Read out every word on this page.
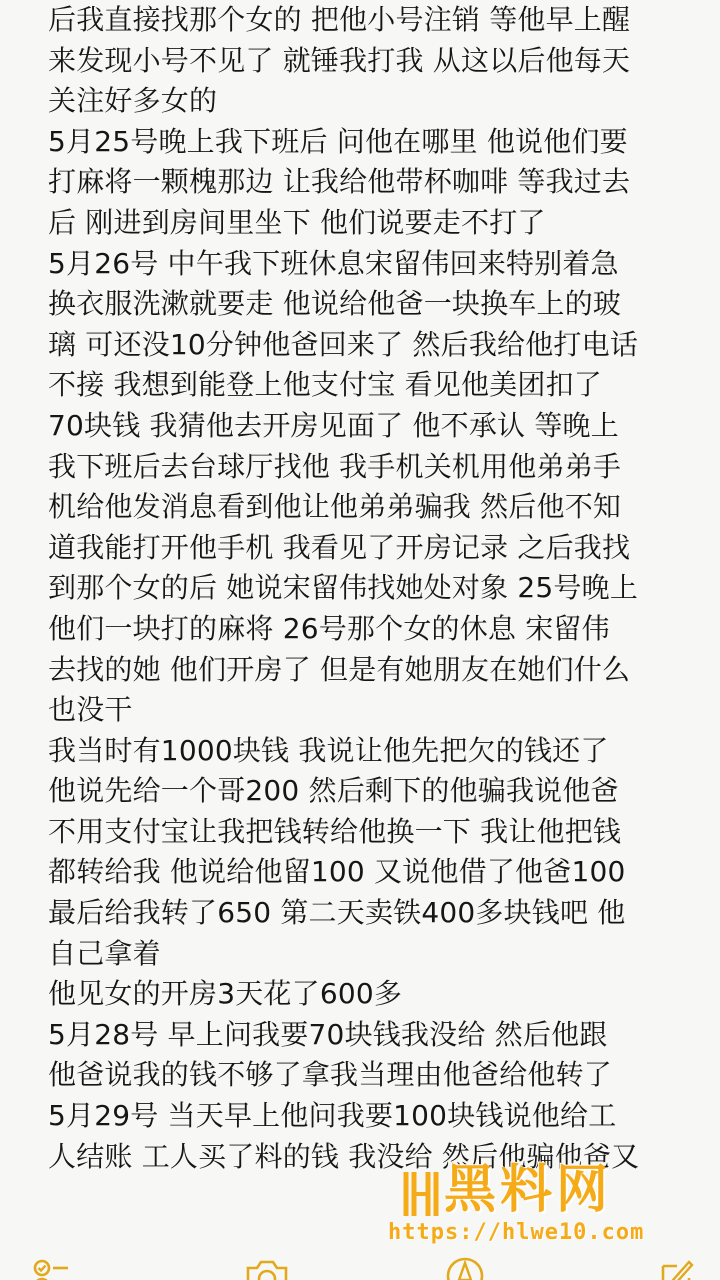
后我直接找那个女的 把他小号注销 等他早上醒
来发现小号不见了 就锤我打我 从这以后他每天
关注好多女的
5月25号晚上我下班后 问他在哪里 他说他们要
打麻将一颗槐那边 让我给他带杯咖啡 等我过去
后 刚进到房间里坐下 他们说要走不打了
5月26号 中午我下班休息宋留伟回来特别着急
换衣服洗漱就要走 他说给他爸一块换车上的玻
璃 可还没10分钟他爸回来了 然后我给他打电话
不接 我想到能登上他支付宝 看见他美团扣了
70块钱 我猜他去开房见面了 他不承认 等晚上
我下班后去台球厅找他 我手机关机用他弟弟手
机给他发消息看到他让他弟弟骗我 然后他不知
道我能打开他手机 我看见了开房记录 之后我找
到那个女的后 她说宋留伟找她处对象 25号晚上
他们一块打的麻将 26号那个女的休息 宋留伟
去找的她 他们开房了 但是有她朋友在她们什么
也没干
我当时有1000块钱 我说让他先把欠的钱还了
他说先给一个哥200 然后剩下的他骗我说他爸
不用支付宝让我把钱转给他换一下 我让他把钱
都转给我 他说给他留100 又说他借了他爸100
最后给我转了650 第二天卖铁400多块钱吧 他
自己拿着
他见女的开房3天花了600多
5月28号 早上问我要70块钱我没给 然后他跟
他爸说我的钱不够了拿我当理由他爸给他转了
5月29号 当天早上他问我要100块钱说他给工
人结账 工人买了料的钱 我没给 然后他骗他爸又
黑料网
https://hlwe10.com
